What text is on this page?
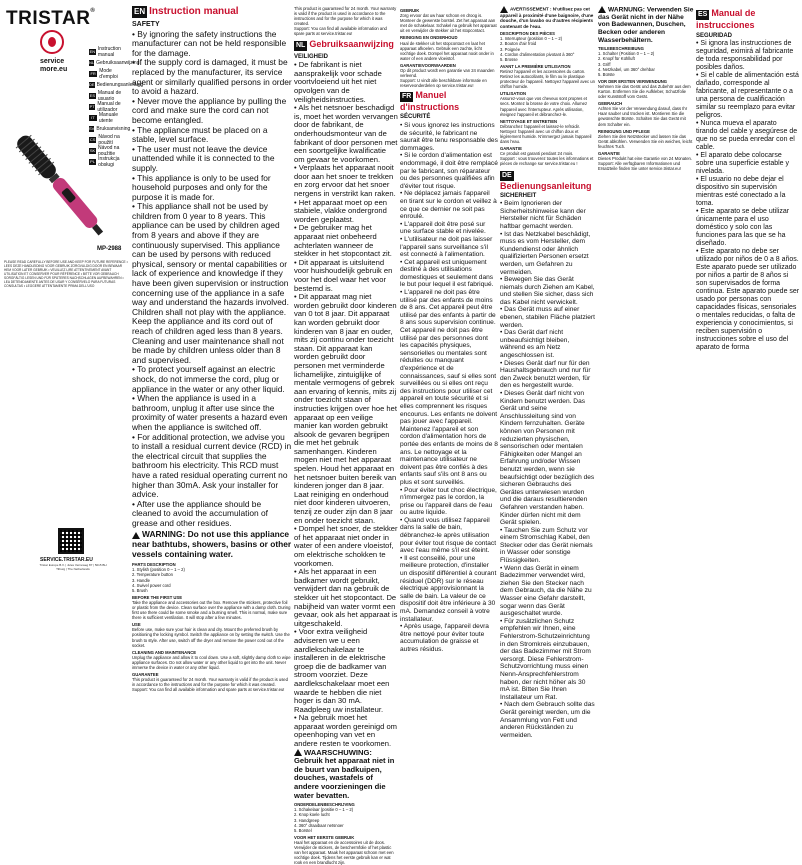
TRISTAR®
service
more.eu
EN Instruction manual
NL Gebruiksaanwijzing
FR Mode d'emploi
DE Bedienungsanleitung
ES Manual de usuario
PT Manual de utilizador
IT Manuale utente
SV Bruksanvisning
CS Návod na použití
SK Návod na použitie
PL Instrukcja obsługi
MP-2988
PLEASE READ CAREFULLY BEFORE USE AND KEEP FOR FUTURE REFERENCE • LEES DEZE HANDLEIDING VOOR GEBRUIK ZORGVULDIG DOOR EN BEWAAR HEM VOOR LATER GEBRUIK • VEUILLEZ LIRE ATTENTIVEMENT AVANT UTILISATION ET CONSERVER POUR RÉFÉRENCE • BITTE VOR GEBRAUCH SORGFÄLTIG LESEN UND FÜR SPÄTERES NACHSCHLAGEN AUFBEWAHREN • LEA DETENIDAMENTE ANTES DE USAR Y CONSÉRVELO PARA FUTURAS CONSULTAS • LEGGERE ATTENTAMENTE PRIMA DELL'USO
SERVICE.TRISTAR.EU
Tristar Europe B.V. | Jules Verneweg 87 | 5015 BH Tilburg | The Netherlands
EN Instruction manual
SAFETY

• By ignoring the safety instructions the manufacturer can not be held responsible for the damage.

• If the supply cord is damaged, it must be replaced by the manufacturer, its service agent or similarly qualified persons in order to avoid a hazard.

• Never move the appliance by pulling the cord and make sure the cord can not become entangled.

• The appliance must be placed on a stable, level surface.

• The user must not leave the device unattended while it is connected to the supply.

• This appliance is only to be used for household purposes and only for the purpose it is made for.

• This appliance shall not be used by children from 0 year to 8 years. This appliance can be used by children aged from 8 years and above if they are continuously supervised. This appliance can be used by persons with reduced physical, sensory or mental capabilities or lack of experience and knowledge if they have been given supervision or instruction concerning use of the appliance in a safe way and understand the hazards involved. Children shall not play with the appliance. Keep the appliance and its cord out of reach of children aged less than 8 years. Cleaning and user maintenance shall not be made by children unless older than 8 and supervised.

• To protect yourself against an electric shock, do not immerse the cord, plug or appliance in the water or any other liquid.

• When the appliance is used in a bathroom, unplug it after use since the proximity of water presents a hazard even when the appliance is switched off.

• For additional protection, we advise you to install a residual current device (RCD) in the electrical circuit that supplies the bathroom his electricity. This RCD must have a rated residual operating current no higher than 30mA. Ask your installer for advice.

• After use the appliance should be cleaned to avoid the accumulation of grease and other residues.

WARNING: Do not use this appliance near bathtubs, showers, basins or other vessels containing water.
PARTS DESCRIPTION

1. Stylish (position 0 – 1 – 2)

2. Temperature button

3. Handle

4. Swivel power cord

5. Brush

BEFORE THE FIRST USE

Take the appliance and accessories out the box. Remove the stickers, protective foil or plastic from the device. Clean surface over the appliance with a damp cloth. During first use there could be some smoke and a burning smell. This is normal, make sure there is sufficient ventilation. It will stop after a few minutes.

USE

Before use, make sure your hair is clean and dry. Mount the preferred brush by positioning the locking symbol. Switch the appliance on by setting the switch. Use the brush to style. After use, switch off the dryer and remove the power cord out of the socket.

CLEANING AND MAINTENANCE

Unplug the appliance and allow it to cool down. Use a soft, slightly damp cloth to wipe appliance surfaces. Do not allow water or any other liquid to get into the unit. Never immerse the device in water or any other liquid.

GUARANTEE

This product is guaranteed for 24 month. Your warranty is valid if the product is used in accordance to the instructions and for the purpose for which it was created.

Support: You can find all available information and spare parts at service.tristar.eu!

This product is guaranteed for 24 month. Your warranty is valid if the product is used in accordance to the instructions and for the purpose for which it was created.

Support: You can find all available information and spare parts at service.tristar.eu!

NL Gebruiksaanwijzing
VEILIGHEID

• De fabrikant is niet aansprakelijk voor schade voortvloeiend uit het niet opvolgen van de veiligheidsinstructies.

• Als het netsnoer beschadigd is, moet het worden vervangen door de fabrikant, de onderhoudsmonteur van de fabrikant of door personen met een soortgelijke kwalificatie om gevaar te voorkomen.

• Verplaats het apparaat nooit door aan het snoer te trekken en zorg ervoor dat het snoer nergens in verstrikt kan raken.

• Het apparaat moet op een stabiele, vlakke ondergrond worden geplaatst.

• De gebruiker mag het apparaat niet onbeheerd achterlaten wanneer de stekker in het stopcontact zit.

• Dit apparaat is uitsluitend voor huishoudelijk gebruik en voor het doel waar het voor bestemd is.

• Dit apparaat mag niet worden gebruikt door kinderen van 0 tot 8 jaar. Dit apparaat kan worden gebruikt door kinderen van 8 jaar en ouder, mits zij continu onder toezicht staan. Dit apparaat kan worden gebruikt door personen met verminderde lichamelijke, zintuiglijke of mentale vermogens of gebrek aan ervaring of kennis, mits zij onder toezicht staan of instructies krijgen over hoe het apparaat op een veilige manier kan worden gebruikt alsook de gevaren begrijpen die met het gebruik samenhangen. Kinderen mogen niet met het apparaat spelen. Houd het apparaat en het netsnoer buiten bereik van kinderen jonger dan 8 jaar. Laat reiniging en onderhoud niet door kinderen uitvoeren, tenzij ze ouder zijn dan 8 jaar en onder toezicht staan.

• Dompel het snoer, de stekker of het apparaat niet onder in water of een andere vloeistof, om elektrische schokken te voorkomen.

• Als het apparaat in een badkamer wordt gebruikt, verwijdert dan na gebruik de stekker uit het stopcontact. De nabijheid van water vormt een gevaar, ook als het apparaat is uitgeschakeld.

• Voor extra veiligheid adviseren we u een aardlekschakelaar te installeren in de elektrische groep die de badkamer van stroom voorziet. Deze aardlekschakelaar moet een waarde te hebben die niet hoger is dan 30 mA. Raadpleeg uw installateur.

• Na gebruik moet het apparaat worden gereinigd om opeenhoping van vet en andere resten te voorkomen.

WAARSCHUWING: Gebruik het apparaat niet in de buurt van badkuipen, douches, wastafels of andere voorzieningen die water bevatten.
ONDERDELENBESCHRIJVING

1. Schakelaar (positie 0 – 1 – 2)

2. Knop koele lucht

3. Handgreep

4. 360° draaibaar netsnoer

5. Borstel

VOOR HET EERSTE GEBRUIK

Haal het apparaat en de accessoires uit de doos. Verwijder de stickers, de beschermfolie of het plastic van het apparaat. Maak het apparaat schoon met een vochtige doek. Tijdens het eerste gebruik kan er wat rook en een brandlucht zijn.

GEBRUIK

Zorg ervoor dat uw haar schoon en droog is. Monteer de gewenste borstel. Zet het apparaat aan met de schakelaar. Schakel na gebruik het apparaat uit en verwijder de stekker uit het stopcontact.

REINIGING EN ONDERHOUD

Haal de stekker uit het stopcontact en laat het apparaat afkoelen. Gebruik een zachte, licht vochtige doek. Dompel het apparaat nooit onder in water of een andere vloeistof.

GARANTIEVOORWAARDEN

Op dit product wordt een garantie van 24 maanden verleend.

Support: U vindt alle beschikbare informatie en reserveonderdelen op service.tristar.eu!

FR Manuel d'instructions
SÉCURITÉ

• Si vous ignorez les instructions de sécurité, le fabricant ne saurait être tenu responsable des dommages.

• Si le cordon d'alimentation est endommagé, il doit être remplacé par le fabricant, son réparateur ou des personnes qualifiées afin d'éviter tout risque.

• Ne déplacez jamais l'appareil en tirant sur le cordon et veillez à ce que ce dernier ne soit pas enroulé.

• L'appareil doit être posé sur une surface stable et nivelée.

• L'utilisateur ne doit pas laisser l'appareil sans surveillance s'il est connecté à l'alimentation.

• Cet appareil est uniquement destiné à des utilisations domestiques et seulement dans le but pour lequel il est fabriqué.

• L'appareil ne doit pas être utilisé par des enfants de moins de 8 ans. Cet appareil peut être utilisé par des enfants à partir de 8 ans sous supervision continue. Cet appareil ne doit pas être utilisé par des personnes dont les capacités physiques, sensorielles ou mentales sont réduites ou manquant d'expérience et de connaissances, sauf si elles sont surveillées ou si elles ont reçu des instructions pour utiliser cet appareil en toute sécurité et si elles comprennent les risques encourus. Les enfants ne doivent pas jouer avec l'appareil. Maintenez l'appareil et son cordon d'alimentation hors de portée des enfants de moins de 8 ans. Le nettoyage et la maintenance utilisateur ne doivent pas être confiés à des enfants sauf s'ils ont 8 ans ou plus et sont surveillés.

• Pour éviter tout choc électrique, n'immergez pas le cordon, la prise ou l'appareil dans de l'eau ou autre liquide.

• Quand vous utilisez l'appareil dans la salle de bain, débranchez-le après utilisation pour éviter tout risque de contact avec l'eau même s'il est éteint.

• Il est conseillé, pour une meilleure protection, d'installer un dispositif différentiel à courant résiduel (DDR) sur le réseau électrique approvisionnant la salle de bain. La valeur de ce dispositif doit être inférieure à 30 mA. Demandez conseil à votre installateur.

• Après usage, l'appareil devra être nettoyé pour éviter toute accumulation de graisse et autres résidus.

AVERTISSEMENT : N'utilisez pas cet appareil à proximité d'une baignoire, d'une douche, d'un lavabo ou d'autres récipients contenant de l'eau.
DESCRIPTION DES PIÈCES

1. Interrupteur (position 0 – 1 – 2)

2. Bouton d'air froid

3. Poignée

4. Cordon d'alimentation pivotant à 360°

5. Brosse

AVANT LA PREMIÈRE UTILISATION

Retirez l'appareil et les accessoires du carton. Retirez les autocollants, le film ou le plastique protecteur de l'appareil. Nettoyez l'appareil avec un chiffon humide.

UTILISATION

Assurez-vous que vos cheveux sont propres et secs. Montez la brosse de votre choix. Allumez l'appareil avec l'interrupteur. Après utilisation, éteignez l'appareil et débranchez-le.

NETTOYAGE ET ENTRETIEN

Débranchez l'appareil et laissez-le refroidir. Nettoyez l'appareil avec un chiffon doux et légèrement humide. N'immergez jamais l'appareil dans l'eau.

GARANTIE

Ce produit est garanti pendant 24 mois.

Support : vous trouverez toutes les informations et pièces de rechange sur service.tristar.eu !

DEBedienungsanleitung
SICHERHEIT

• Beim Ignorieren der Sicherheitshinweise kann der Hersteller nicht für Schäden haftbar gemacht werden.

• Ist das Netzkabel beschädigt, muss es vom Hersteller, dem Kundendienst oder ähnlich qualifizierten Personen ersetzt werden, um Gefahren zu vermeiden.

• Bewegen Sie das Gerät niemals durch Ziehen am Kabel, und stellen Sie sicher, dass sich das Kabel nicht verwickelt.

• Das Gerät muss auf einer ebenen, stabilen Fläche platziert werden.

• Das Gerät darf nicht unbeaufsichtigt bleiben, während es am Netz angeschlossen ist.

• Dieses Gerät darf nur für den Haushaltsgebrauch und nur für den Zweck benutzt werden, für den es hergestellt wurde.

• Dieses Gerät darf nicht von Kindern benutzt werden. Das Gerät und seine Anschlussleitung sind von Kindern fernzuhalten. Geräte können von Personen mit reduzierten physischen, sensorischen oder mentalen Fähigkeiten oder Mangel an Erfahrung und/oder Wissen benutzt werden, wenn sie beaufsichtigt oder bezüglich des sicheren Gebrauchs des Gerätes unterwiesen wurden und die daraus resultierenden Gefahren verstanden haben. Kinder dürfen nicht mit dem Gerät spielen.

• Tauchen Sie zum Schutz vor einem Stromschlag Kabel, den Stecker oder das Gerät niemals in Wasser oder sonstige Flüssigkeiten.

• Wenn das Gerät in einem Badezimmer verwendet wird, ziehen Sie den Stecker nach dem Gebrauch, da die Nähe zu Wasser eine Gefahr darstellt, sogar wenn das Gerät ausgeschaltet wurde.

• Für zusätzlichen Schutz empfehlen wir Ihnen, eine Fehlerstrom-Schutzeinrichtung in den Stromkreis einzubauen, der das Badezimmer mit Strom versorgt. Diese Fehlerstrom-Schutzvorrichtung muss einen Nenn-Ansprechfehlerstrom haben, der nicht höher als 30 mA ist. Bitten Sie Ihren Installateur um Rat.

• Nach dem Gebrauch sollte das Gerät gereinigt werden, um die Ansammlung von Fett und anderen Rückständen zu vermeiden.

WARNUNG: Verwenden Sie das Gerät nicht in der Nähe von Badewannen, Duschen, Becken oder anderen Wasserbehältern.
TEILEBESCHREIBUNG

1. Schalter (Position 0 – 1 – 2)

2. Knopf für Kühlluft

3. Griff

4. Netzkabel, um 360° drehbar

5. Bürste

VOR DER ERSTEN VERWENDUNG

Nehmen Sie das Gerät und das Zubehör aus dem Karton. Entfernen Sie die Aufkleber, Schutzfolie oder Kunststoff vom Gerät.

GEBRAUCH

Achten Sie vor der Verwendung darauf, dass Ihr Haar sauber und trocken ist. Montieren Sie die gewünschte Bürste. Schalten Sie das Gerät mit dem Schalter ein.

REINIGUNG UND PFLEGE

Ziehen Sie den Netzstecker und lassen Sie das Gerät abkühlen. Verwenden Sie ein weiches, leicht feuchtes Tuch.

GARANTIE

Dieses Produkt hat eine Garantie von 24 Monaten.

Support: Alle verfügbaren Informationen und Ersatzteile finden Sie unter service.tristar.eu!

ES Manual de instrucciones
SEGURIDAD

• Si ignora las instrucciones de seguridad, eximirá al fabricante de toda responsabilidad por posibles daños.

• Si el cable de alimentación está dañado, corresponde al fabricante, al representante o a una persona de cualificación similar su reemplazo para evitar peligros.

• Nunca mueva el aparato tirando del cable y asegúrese de que no se pueda enredar con el cable.

• El aparato debe colocarse sobre una superficie estable y nivelada.

• El usuario no debe dejar el dispositivo sin supervisión mientras esté conectado a la toma.

• Este aparato se debe utilizar únicamente para el uso doméstico y solo con las funciones para las que se ha diseñado.

• Este aparato no debe ser utilizado por niños de 0 a 8 años. Este aparato puede ser utilizado por niños a partir de 8 años si son supervisados de forma continua. Este aparato puede ser usado por personas con capacidades físicas, sensoriales o mentales reducidas, o falta de experiencia y conocimientos, si reciben supervisión o instrucciones sobre el uso del aparato de forma
